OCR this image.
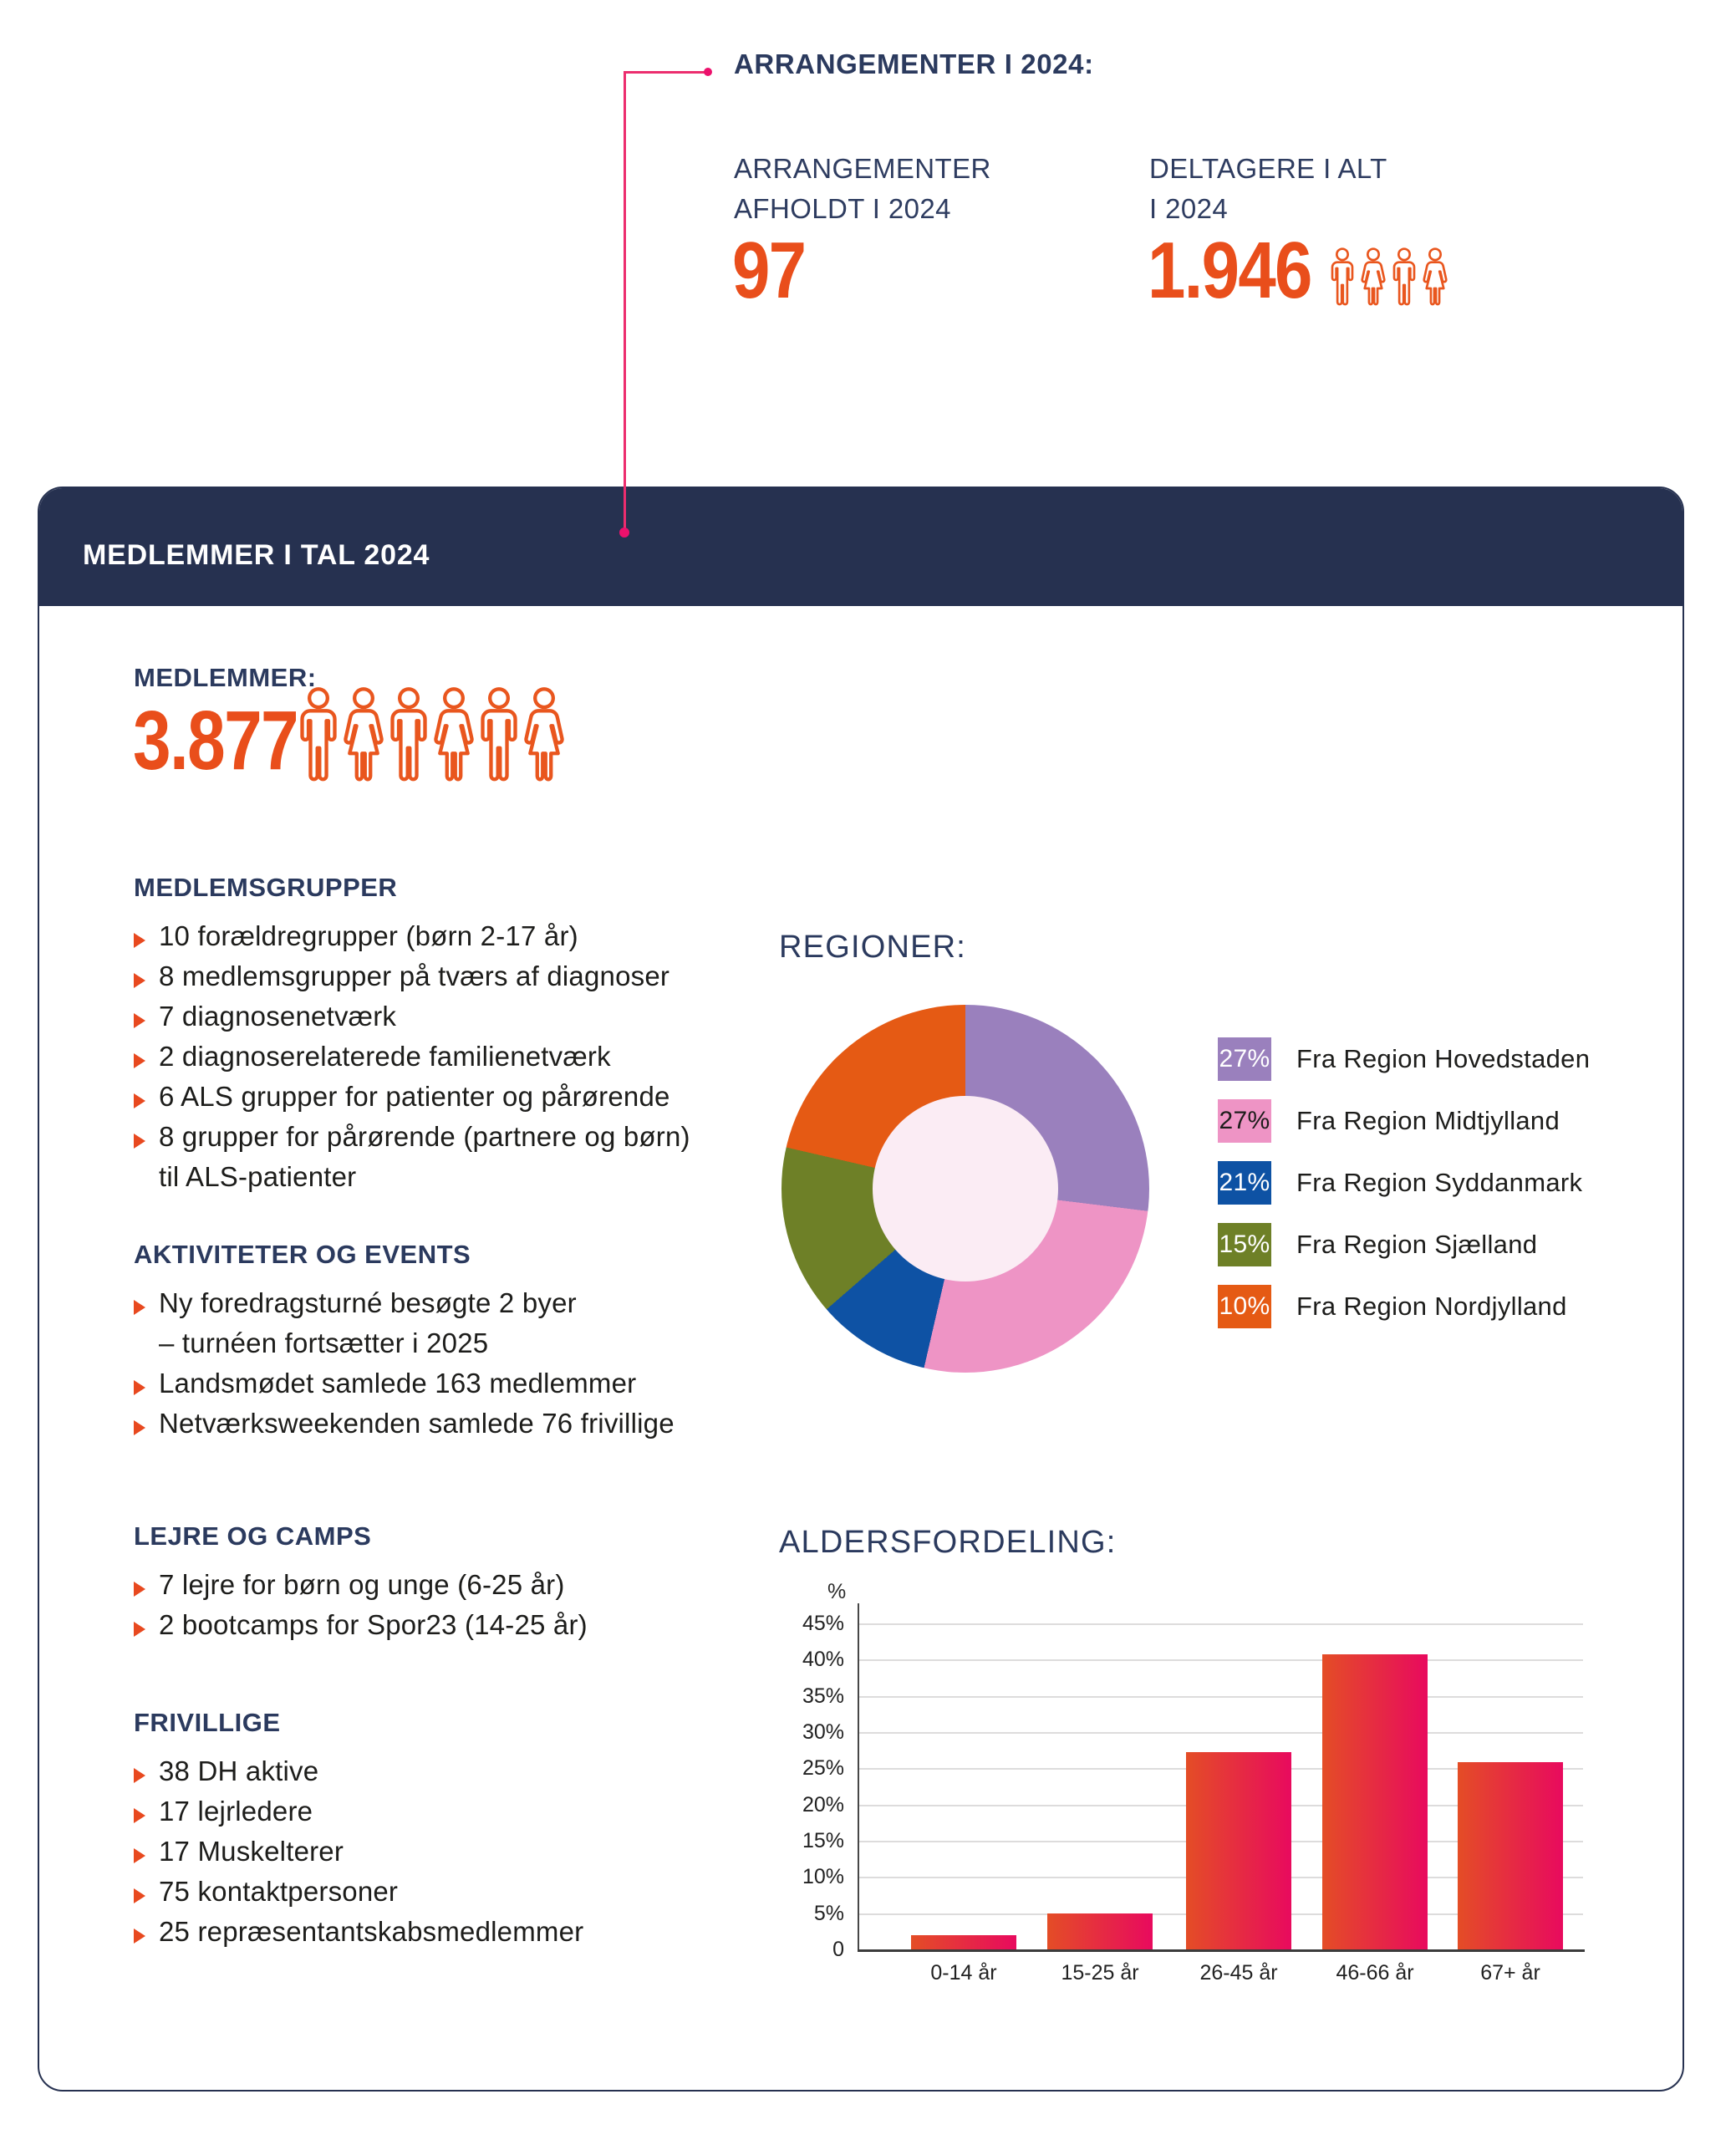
ARRANGEMENTER I 2024:
ARRANGEMENTER
AFHOLDT I 2024
97
DELTAGERE I ALT
I 2024
1.946
MEDLEMMER I TAL 2024
MEDLEMMER:
3.877
MEDLEMSGRUPPER
10 forældregrupper (børn 2-17 år)
8 medlemsgrupper på tværs af diagnoser
7 diagnosenetværk
2 diagnoserelaterede familienetværk
6 ALS grupper for patienter og pårørende
8 grupper for pårørende (partnere og børn)
til ALS-patienter
AKTIVITETER OG EVENTS
Ny foredragsturné besøgte 2 byer
– turnéen fortsætter i 2025
Landsmødet samlede 163 medlemmer
Netværksweekenden samlede 76 frivillige
LEJRE OG CAMPS
7 lejre for børn og unge (6-25 år)
2 bootcamps for Spor23 (14-25 år)
FRIVILLIGE
38 DH aktive
17 lejrledere
17 Muskelterer
75 kontaktpersoner
25 repræsentantskabsmedlemmer
REGIONER:
27% Fra Region Hovedstaden
27% Fra Region Midtjylland
21% Fra Region Syddanmark
15% Fra Region Sjælland
10% Fra Region Nordjylland
ALDERSFORDELING:
%
5%
10%
15%
20%
25%
30%
35%
40%
45%
0
0-14 år	15-25 år	26-45 år	46-66 år	67+ år
